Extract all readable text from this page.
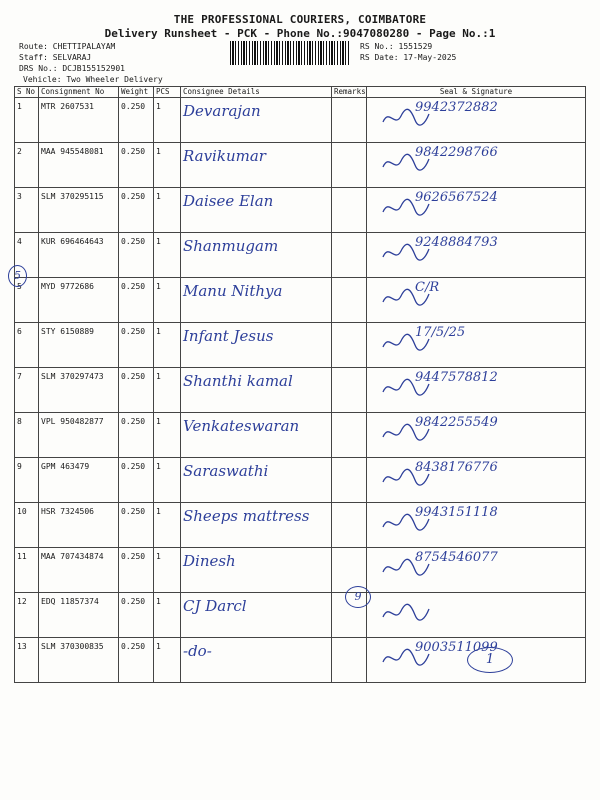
THE PROFESSIONAL COURIERS, COIMBATORE
Delivery Runsheet - PCK - Phone No.:9047080280 - Page No.:1
Route: CHETTIPALAYAM
Staff: SELVARAJ
DRS No.: DCJB155152901
Vehicle: Two Wheeler Delivery
RS No.: 1551529
RS Date: 17-May-2025
S No	Consignment No	Weight	PCS	Consignee Details	Remarks	Seal & Signature
1	MTR 2607531	0.250	1	Devarajan		9942372882

2	MAA 945548081	0.250	1	Ravikumar		9842298766

3	SLM 370295115	0.250	1	Daisee Elan		9626567524

4	KUR 696464643	0.250	1	Shanmugam		9248884793

5	MYD 9772686	0.250	1	Manu Nithya		C/R

6	STY 6150889	0.250	1	Infant Jesus		17/5/25

7	SLM 370297473	0.250	1	Shanthi kamal		9447578812

8	VPL 950482877	0.250	1	Venkateswaran		9842255549

9	GPM 463479	0.250	1	Saraswathi		8438176776

10	HSR 7324506	0.250	1	Sheeps mattress		9943151118

11	MAA 707434874	0.250	1	Dinesh		8754546077

12	EDQ 11857374	0.250	1	CJ Darcl		

13	SLM 370300835	0.250	1	-do-		9003511099
5
9
1
